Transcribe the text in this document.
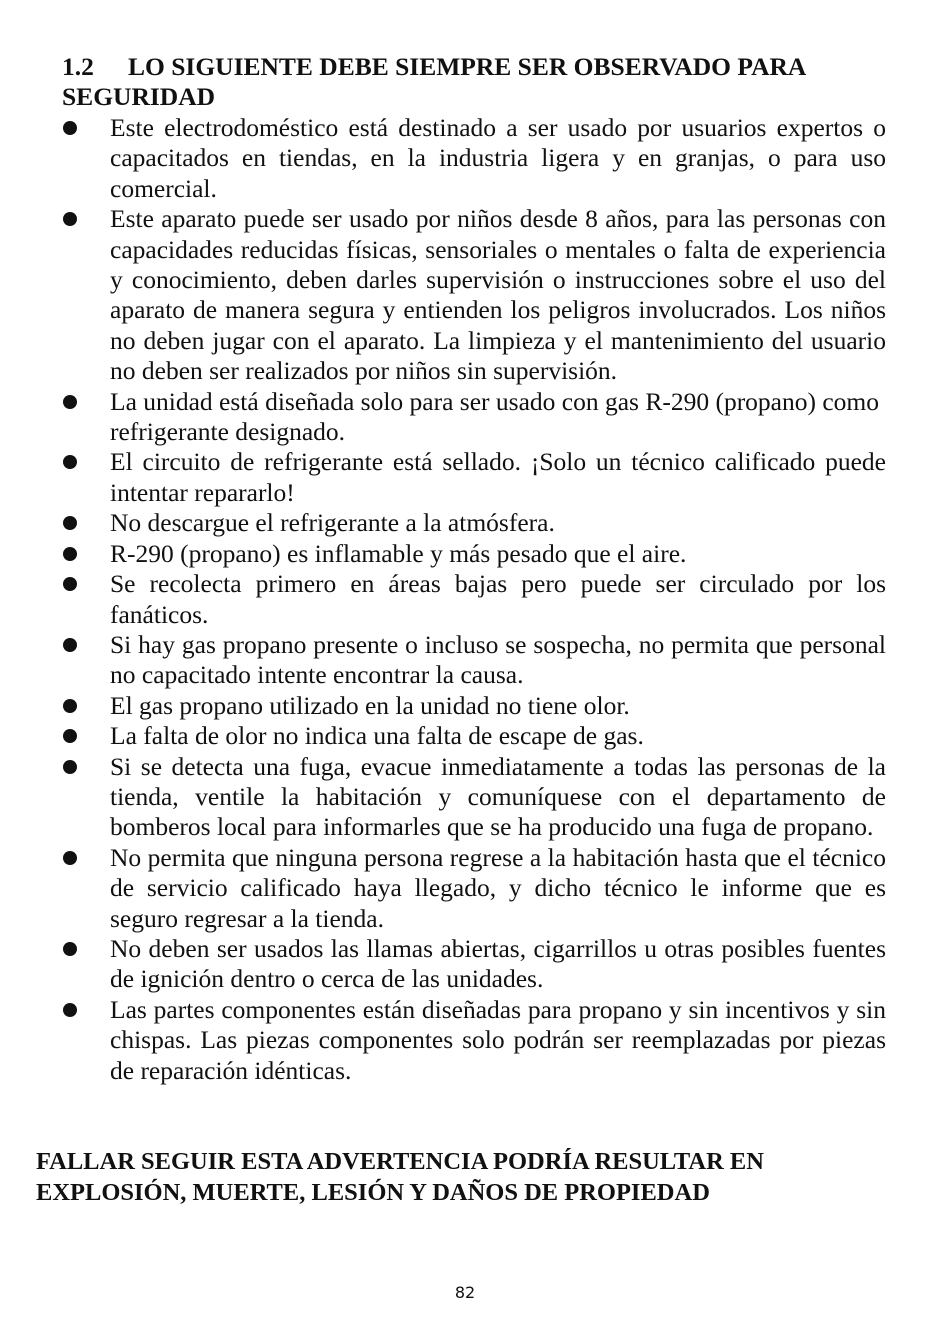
1.2 LO SIGUIENTE DEBE SIEMPRE SER OBSERVADO PARA SEGURIDAD
Este electrodoméstico está destinado a ser usado por usuarios expertos o capacitados en tiendas, en la industria ligera y en granjas, o para uso comercial.
Este aparato puede ser usado por niños desde 8 años, para las personas con capacidades reducidas físicas, sensoriales o mentales o falta de experiencia y conocimiento, deben darles supervisión o instrucciones sobre el uso del aparato de manera segura y entienden los peligros involucrados. Los niños no deben jugar con el aparato. La limpieza y el mantenimiento del usuario no deben ser realizados por niños sin supervisión.
La unidad está diseñada solo para ser usado con gas R-290 (propano) como refrigerante designado.
El circuito de refrigerante está sellado. ¡Solo un técnico calificado puede intentar repararlo!
No descargue el refrigerante a la atmósfera.
R-290 (propano) es inflamable y más pesado que el aire.
Se recolecta primero en áreas bajas pero puede ser circulado por los fanáticos.
Si hay gas propano presente o incluso se sospecha, no permita que personal no capacitado intente encontrar la causa.
El gas propano utilizado en la unidad no tiene olor.
La falta de olor no indica una falta de escape de gas.
Si se detecta una fuga, evacue inmediatamente a todas las personas de la tienda, ventile la habitación y comuníquese con el departamento de bomberos local para informarles que se ha producido una fuga de propano.
No permita que ninguna persona regrese a la habitación hasta que el técnico de servicio calificado haya llegado, y dicho técnico le informe que es seguro regresar a la tienda.
No deben ser usados las llamas abiertas, cigarrillos u otras posibles fuentes de ignición dentro o cerca de las unidades.
Las partes componentes están diseñadas para propano y sin incentivos y sin chispas. Las piezas componentes solo podrán ser reemplazadas por piezas de reparación idénticas.

FALLAR SEGUIR ESTA ADVERTENCIA PODRÍA RESULTAR EN
EXPLOSIÓN, MUERTE, LESIÓN Y DAÑOS DE PROPIEDAD

82
